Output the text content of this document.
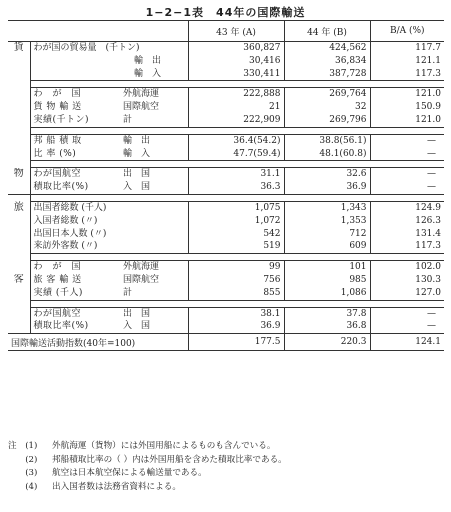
1−2−1表　44年の国際輸送
			43 年 (A)	44 年 (B)	B/A (%)
貨	わが国の貿易量　(千トン)		360,827	424,562	117.7
		輸　出	30,416	36,834	121.1
		輸　入	330,411	387,728	117.3

	わ　が　国	外航海運	222,888	269,764	121.0
	貨 物 輸 送	国際航空	21	32	150.9
	実績(千トン)	計	222,909	269,796	121.0

	邦 船 積 取	輸　出	36.4(54.2)	38.8(56.1)	—
	比 率 (%)	輸　入	47.7(59.4)	48.1(60.8)	—

物	わが国航空	出　国	31.1	32.6	—
	積取比率(%)	入　国	36.3	36.9	—

旅	出国者総数 (千人)		1,075	1,343	124.9
	入国者総数 (〃)		1,072	1,353	126.3
	出国日本人数 (〃)		542	712	131.4
	来訪外客数 (〃)		519	609	117.3

	わ　が　国	外航海運	99	101	102.0
客	旅 客 輸 送	国際航空	756	985	130.3
	実績 (千人)	計	855	1,086	127.0

	わが国航空	出　国	38.1	37.8	—
	積取比率(%)	入　国	36.9	36.8	—
国際輸送活動指数(40年=100)			177.5	220.3	124.1
注　(1) 外航海運（貨物）には外国用船によるものも含んでいる。
　　(2) 邦船積取比率の（ ）内は外国用船を含めた積取比率である。
　　(3) 航空は日本航空保による輸送量である。
　　(4) 出入国者数は法務省資料による。
